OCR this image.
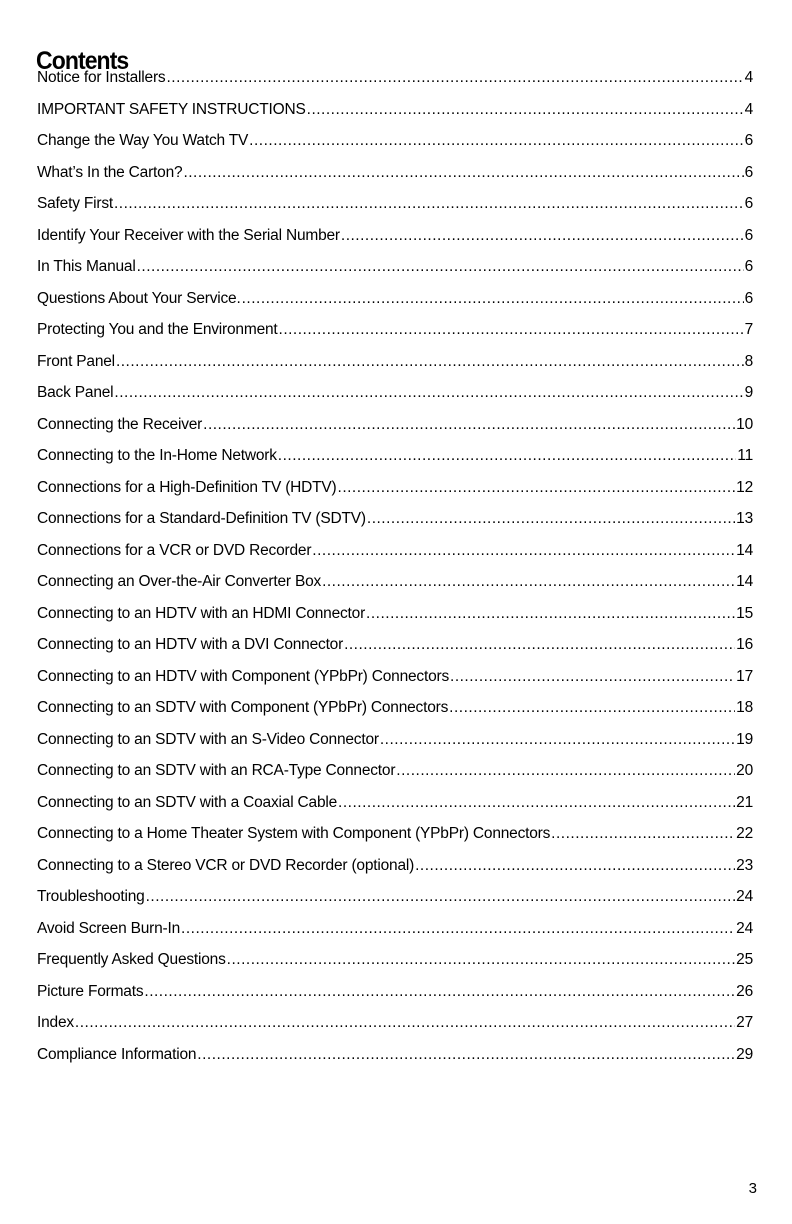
Contents
Notice for Installers .....	4
IMPORTANT SAFETY INSTRUCTIONS .....	4
Change the Way You Watch TV .....	6
What’s In the Carton? .....	6
Safety First .....	6
Identify Your Receiver with the Serial Number .....	6
In This Manual .....	6
Questions About Your Service. .....	6
Protecting You and the Environment .....	7
Front Panel .....	8
Back Panel .....	9
Connecting the Receiver .....	10
Connecting to the In-Home Network .....	11
Connections for a High-Definition TV (HDTV) .....	12
Connections for a Standard-Definition TV (SDTV) .....	13
Connections for a VCR or DVD Recorder .....	14
Connecting an Over-the-Air Converter Box .....	14
Connecting to an HDTV with an HDMI Connector .....	15
Connecting to an HDTV with a DVI Connector .....	16
Connecting to an HDTV with Component (YPbPr) Connectors .....	17
Connecting to an SDTV with Component (YPbPr) Connectors .....	18
Connecting to an SDTV with an S-Video Connector .....	19
Connecting to an SDTV with an RCA-Type Connector .....	20
Connecting to an SDTV with a Coaxial Cable .....	21
Connecting to a Home Theater System with Component (YPbPr) Connectors .....	22
Connecting to a Stereo VCR or DVD Recorder (optional) .....	23
Troubleshooting .....	24
Avoid Screen Burn-In .....	24
Frequently Asked Questions .....	25
Picture Formats .....	26
Index .....	27
Compliance Information .....	29
3
